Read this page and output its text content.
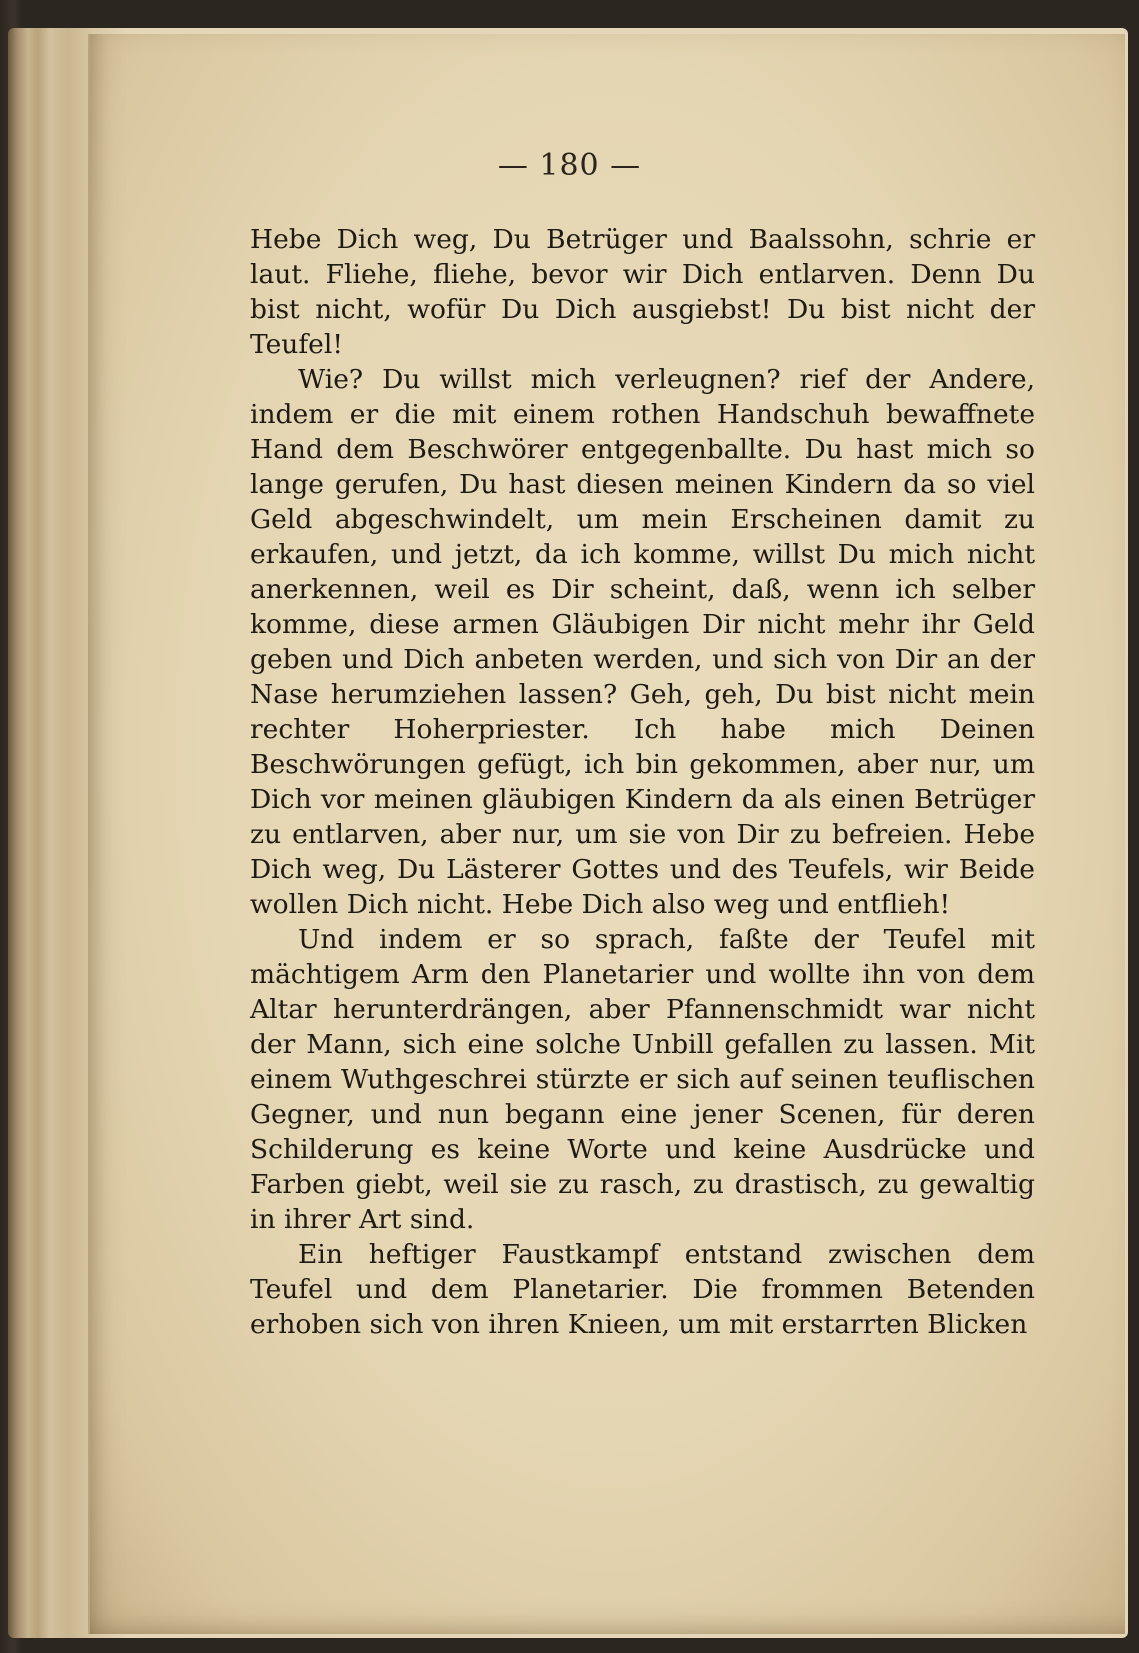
— 180 —

Hebe Dich weg, Du Betrüger und Baalssohn, schrie er laut. Fliehe, fliehe, bevor wir Dich entlarven. Denn Du bist nicht, wofür Du Dich ausgiebst! Du bist nicht der Teufel!

Wie? Du willst mich verleugnen? rief der Andere, indem er die mit einem rothen Handschuh bewaffnete Hand dem Beschwörer entgegenballte. Du hast mich so lange gerufen, Du hast diesen meinen Kindern da so viel Geld abgeschwindelt, um mein Erscheinen damit zu erkaufen, und jetzt, da ich komme, willst Du mich nicht anerkennen, weil es Dir scheint, daß, wenn ich selber komme, diese armen Gläubigen Dir nicht mehr ihr Geld geben und Dich anbeten werden, und sich von Dir an der Nase herumziehen lassen? Geh, geh, Du bist nicht mein rechter Hoherpriester. Ich habe mich Deinen Beschwörungen gefügt, ich bin gekommen, aber nur, um Dich vor meinen gläubigen Kindern da als einen Betrüger zu entlarven, aber nur, um sie von Dir zu befreien. Hebe Dich weg, Du Lästerer Gottes und des Teufels, wir Beide wollen Dich nicht. Hebe Dich also weg und entflieh!

Und indem er so sprach, faßte der Teufel mit mächtigem Arm den Planetarier und wollte ihn von dem Altar herunterdrängen, aber Pfannenschmidt war nicht der Mann, sich eine solche Unbill gefallen zu lassen. Mit einem Wuthgeschrei stürzte er sich auf seinen teuflischen Gegner, und nun begann eine jener Scenen, für deren Schilderung es keine Worte und keine Ausdrücke und Farben giebt, weil sie zu rasch, zu drastisch, zu gewaltig in ihrer Art sind.

Ein heftiger Faustkampf entstand zwischen dem Teufel und dem Planetarier. Die frommen Betenden erhoben sich von ihren Knieen, um mit erstarrten Blicken
